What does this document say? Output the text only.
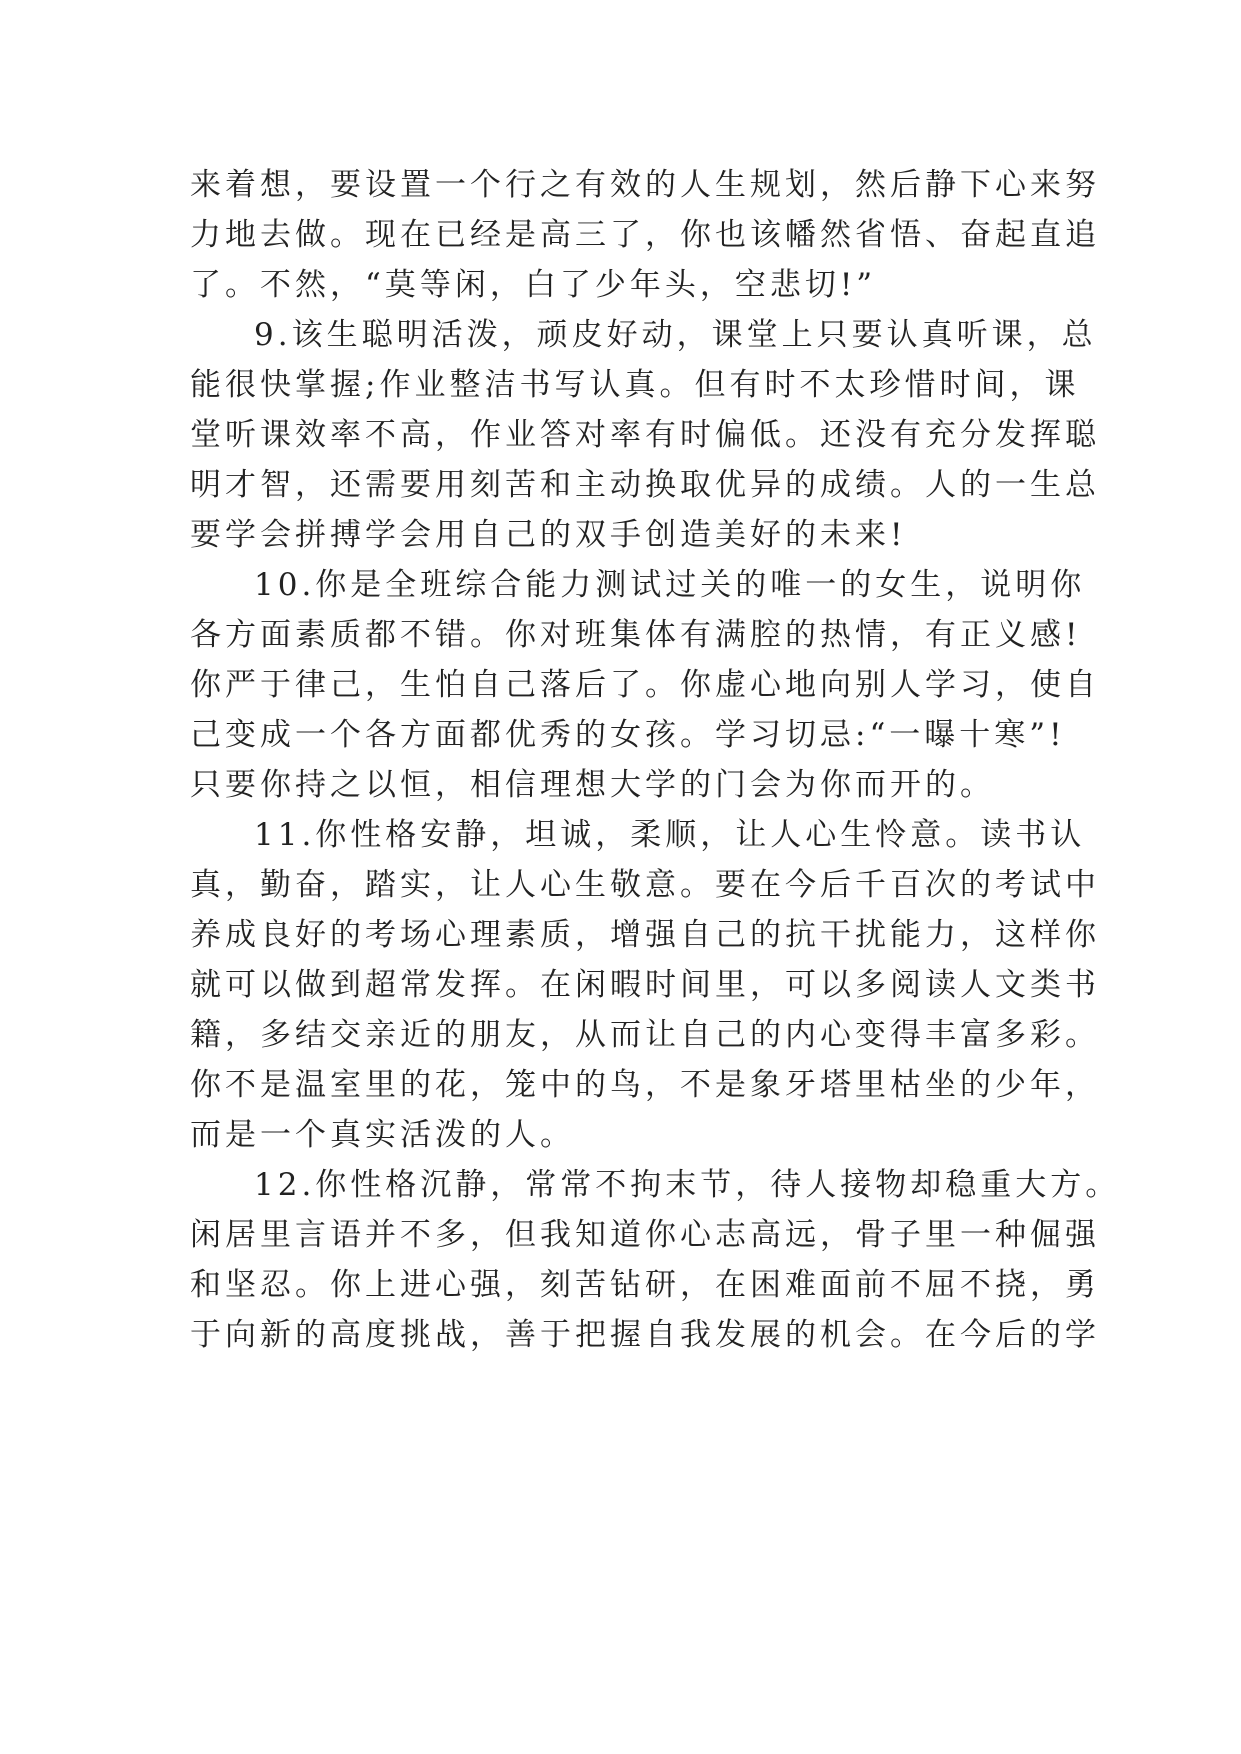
来着想，要设置一个行之有效的人生规划，然后静下心来努
力地去做。现在已经是高三了，你也该幡然省悟、奋起直追
了。不然，“莫等闲，白了少年头，空悲切!”
9.该生聪明活泼，顽皮好动，课堂上只要认真听课，总
能很快掌握;作业整洁书写认真。但有时不太珍惜时间，课
堂听课效率不高，作业答对率有时偏低。还没有充分发挥聪
明才智，还需要用刻苦和主动换取优异的成绩。人的一生总
要学会拼搏学会用自己的双手创造美好的未来!
10.你是全班综合能力测试过关的唯一的女生，说明你
各方面素质都不错。你对班集体有满腔的热情，有正义感!
你严于律己，生怕自己落后了。你虚心地向别人学习，使自
己变成一个各方面都优秀的女孩。学习切忌:“一曝十寒”!
只要你持之以恒，相信理想大学的门会为你而开的。
11.你性格安静，坦诚，柔顺，让人心生怜意。读书认
真，勤奋，踏实，让人心生敬意。要在今后千百次的考试中
养成良好的考场心理素质，增强自己的抗干扰能力，这样你
就可以做到超常发挥。在闲暇时间里，可以多阅读人文类书
籍，多结交亲近的朋友，从而让自己的内心变得丰富多彩。
你不是温室里的花，笼中的鸟，不是象牙塔里枯坐的少年，
而是一个真实活泼的人。
12.你性格沉静，常常不拘末节，待人接物却稳重大方。
闲居里言语并不多，但我知道你心志高远，骨子里一种倔强
和坚忍。你上进心强，刻苦钻研，在困难面前不屈不挠，勇
于向新的高度挑战，善于把握自我发展的机会。在今后的学
